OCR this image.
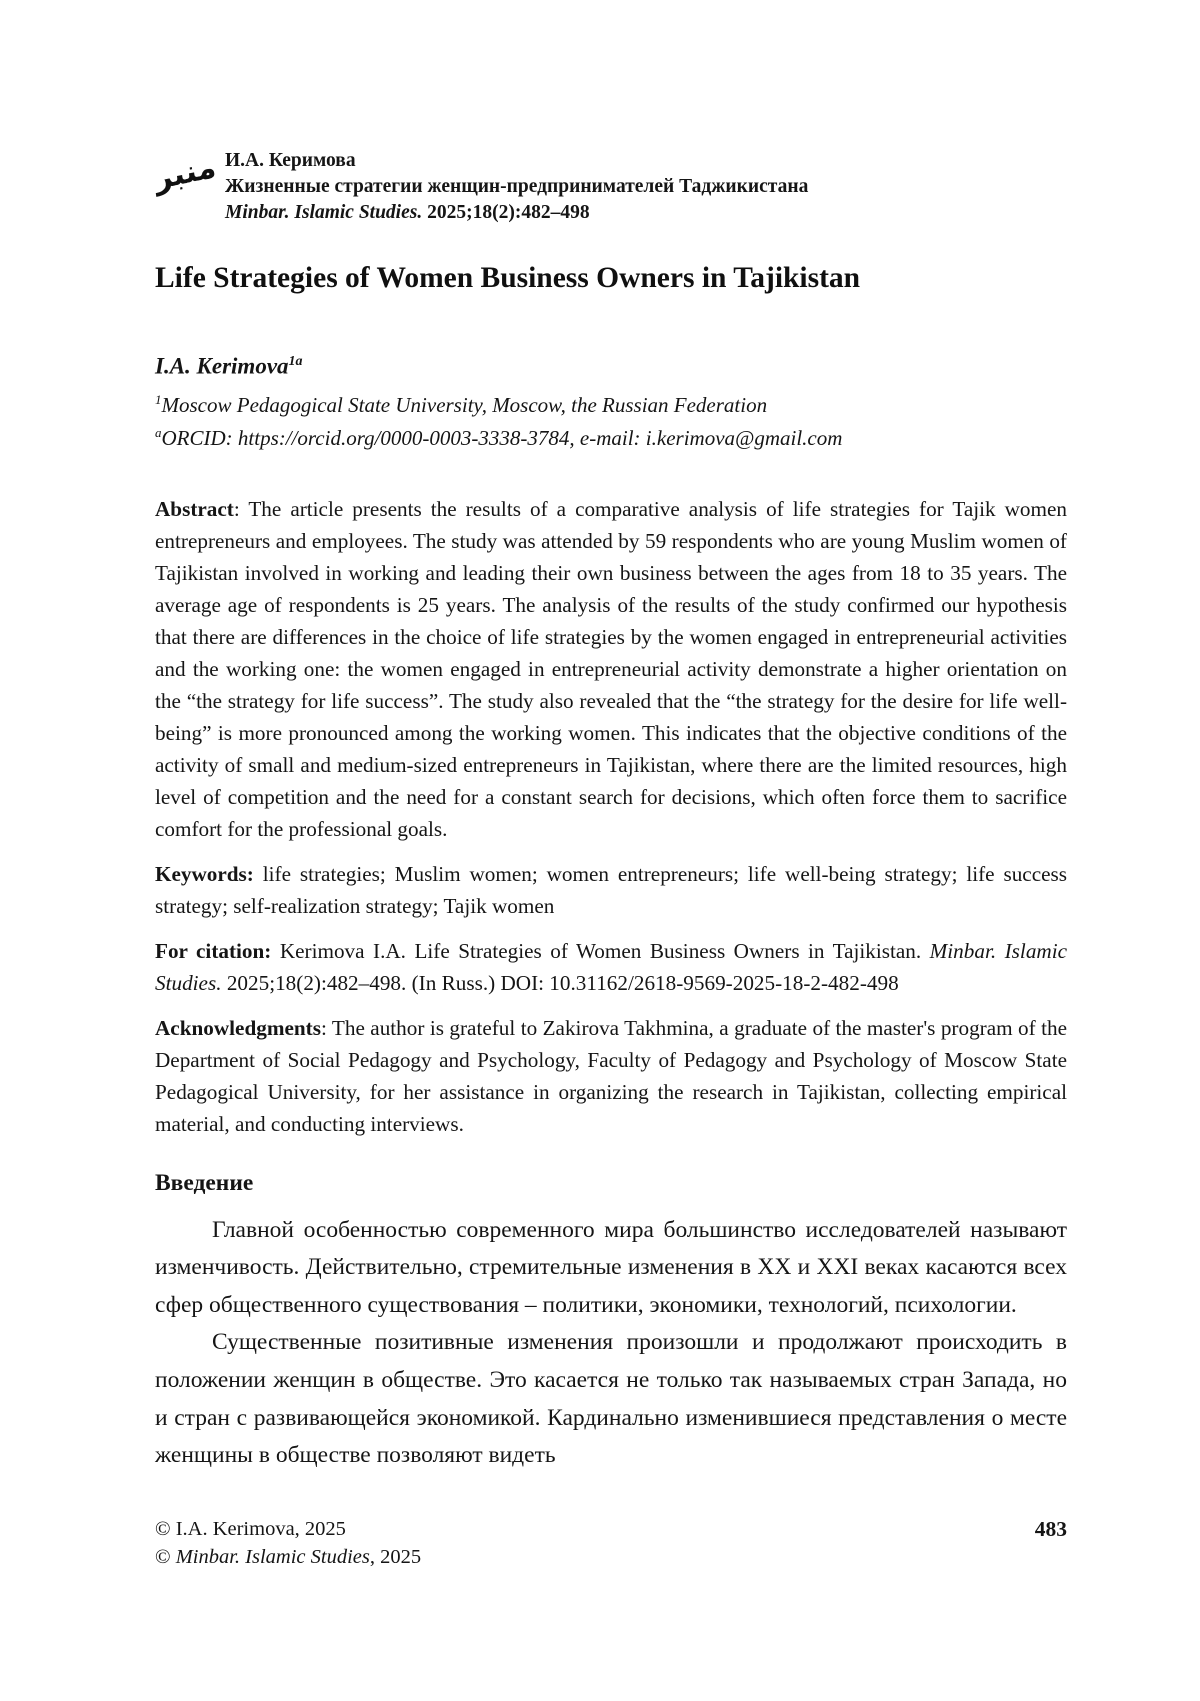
منبر И.А. Керимова
Жизненные стратегии женщин-предпринимателей Таджикистана
Minbar. Islamic Studies. 2025;18(2):482–498
Life Strategies of Women Business Owners in Tajikistan
I.A. Kerimova$^{1a}$
$^1$Moscow Pedagogical State University, Moscow, the Russian Federation
$^a$ORCID: https://orcid.org/0000-0003-3338-3784, e-mail: i.kerimova@gmail.com

Abstract: The article presents the results of a comparative analysis of life strategies for Tajik women entrepreneurs and employees. The study was attended by 59 respondents who are young Muslim women of Tajikistan involved in working and leading their own business between the ages from 18 to 35 years. The average age of respondents is 25 years. The analysis of the results of the study confirmed our hypothesis that there are differences in the choice of life strategies by the women engaged in entrepreneurial activities and the working one: the women engaged in entrepreneurial activity demonstrate a higher orientation on the “the strategy for life success”. The study also revealed that the “the strategy for the desire for life well-being” is more pronounced among the working women. This indicates that the objective conditions of the activity of small and medium-sized entrepreneurs in Tajikistan, where there are the limited resources, high level of competition and the need for a constant search for decisions, which often force them to sacrifice comfort for the professional goals.

Keywords: life strategies; Muslim women; women entrepreneurs; life well-being strategy; life success strategy; self-realization strategy; Tajik women

For citation: Kerimova I.A. Life Strategies of Women Business Owners in Tajikistan. Minbar. Islamic Studies. 2025;18(2):482–498. (In Russ.) DOI: 10.31162/2618-9569-2025-18-2-482-498

Acknowledgments: The author is grateful to Zakirova Takhmina, a graduate of the master's program of the Department of Social Pedagogy and Psychology, Faculty of Pedagogy and Psychology of Moscow State Pedagogical University, for her assistance in organizing the research in Tajikistan, collecting empirical material, and conducting interviews.

Введение

Главной особенностью современного мира большинство исследователей называют изменчивость. Действительно, стремительные изменения в XX и XXI веках касаются всех сфер общественного существования – политики, экономики, технологий, психологии.

Существенные позитивные изменения произошли и продолжают происходить в положении женщин в обществе. Это касается не только так называемых стран Запада, но и стран с развивающейся экономикой. Кардинально изменившиеся представления о месте женщины в обществе позволяют видеть

© I.A. Kerimova, 2025
© Minbar. Islamic Studies, 2025
483
